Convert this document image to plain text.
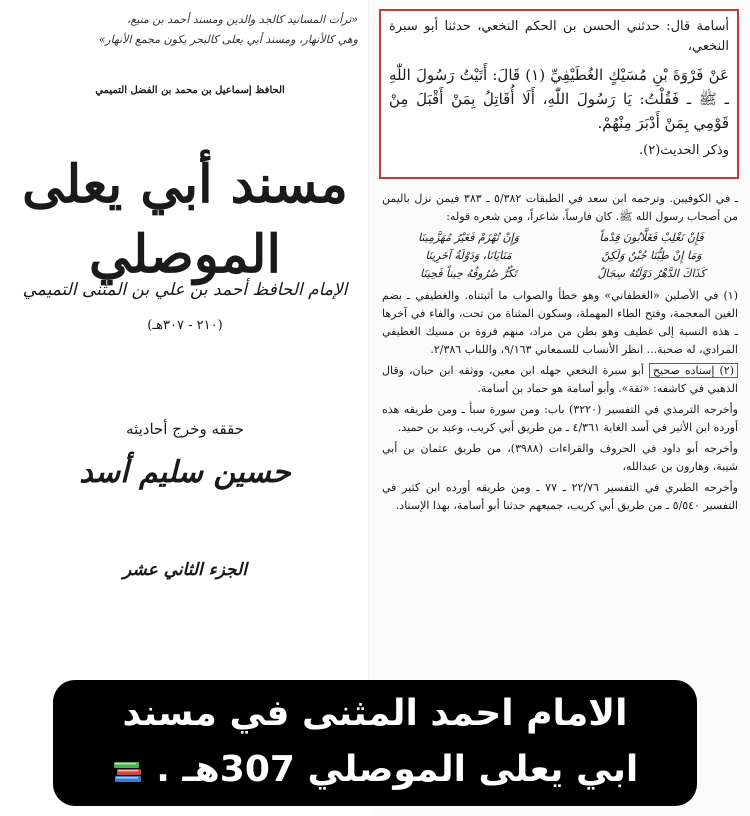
«ترأت المسانيد كالجد والدين ومسند أحمد بن منيع،
وهي كالأنهار، ومسند أبي يعلى كالبحر يكون مجمع الأنهار»
الحافظ إسماعيل بن محمد بن الفضل التميمي
مسند أبي يعلى الموصلي
الإمام الحافظ أحمد بن علي بن المثنى التميمي
(٢١٠ - ٣٠٧هـ)
حققه وخرج أحاديثه
حسين سليم أسد
الجزء الثاني عشر

أسامة قال: حدثني الحسن بن الحكم النخعي، حدثنا أبو سبرة النخعي،

عَنْ فَرْوَةَ بْنِ مُسَيْكٍ الغُطَيْفِيِّ (١) قَالَ: أَتَيْتُ رَسُولَ اللّٰهِ ـ ﷺ ـ فَقُلْتُ: يَا رَسُولَ اللّٰهِ، أَلَا أُقَاتِلُ بِمَنْ أَقْبَلَ مِنْ قَوْمِي بِمَنْ أَدْبَرَ مِنْهُمْ.

وذكر الحديث(٢).

ـ في الكوفيين. وترجمه ابن سعد في الطبقات ٥/٣٨٢ ـ ٣٨٣ فيمن نزل باليمن من أصحاب رسول الله ﷺ. كان فارساً، شاعراً، ومن شعره قوله:

فَإِنْ نَغْلِبْ فَغَلَّابُونَ قِدْماً
وَإِنْ نُهْزَمْ فَغَيْرُ مُهَزَّمِينَا
وَمَا إِنْ طِبُّنَا جُبْنٌ وَلَكِنْ
مَنَايَانَا، وَدَوْلَةُ آخَرِينَا
كَذَاكَ الدَّهْرُ دَوْلَتُهُ سِجَالٌ
تَكُرُّ صُرُوفُهُ حِيناً فَحِينَا

(١) في الأصلين «الغطفاني» وهو خطأ والصواب ما أثبتناه. والغطيفي ـ بضم الغين المعجمة، وفتح الطاء المهملة، وسكون المثناة من تحت، والفاء في آخرها ـ هذه النسبة إلى غطيف وهو بطن من مراد، منهم فروة بن مسيك الغطيفي المرادي، له صحبة... انظر الأنساب للسمعاني ٩/١٦٣، واللباب ٢/٣٨٦.

(٢) إسناده صحيح أبو سبرة النخعي جهله ابن معين، ووثقه ابن حبان، وقال الذهبي في كاشفه: «ثقة». وأبو أسامة هو حماد بن أسامة.

وأخرجه الترمذي في التفسير (٣٢٢٠) باب: ومن سورة سبأ ـ ومن طريقه هذه أورده ابن الأثير في أسد الغابة ٤/٣٦١ ـ من طريق أبي كريب، وعبد بن حميد.

وأخرجه أبو داود في الحروف والقراءات (٣٩٨٨)، من طريق عثمان بن أبي شيبة، وهارون بن عبدالله،

وأخرجه الطبري في التفسير ٢٢/٧٦ ـ ٧٧ ـ ومن طريقه أورده ابن كثير في التفسير ٥/٥٤٠ ـ من طريق أبي كريب، جميعهم حدثنا أبو أسامة، بهذا الإسناد.

الامام احمد المثنى في مسند
ابي يعلى الموصلي 307هـ .
